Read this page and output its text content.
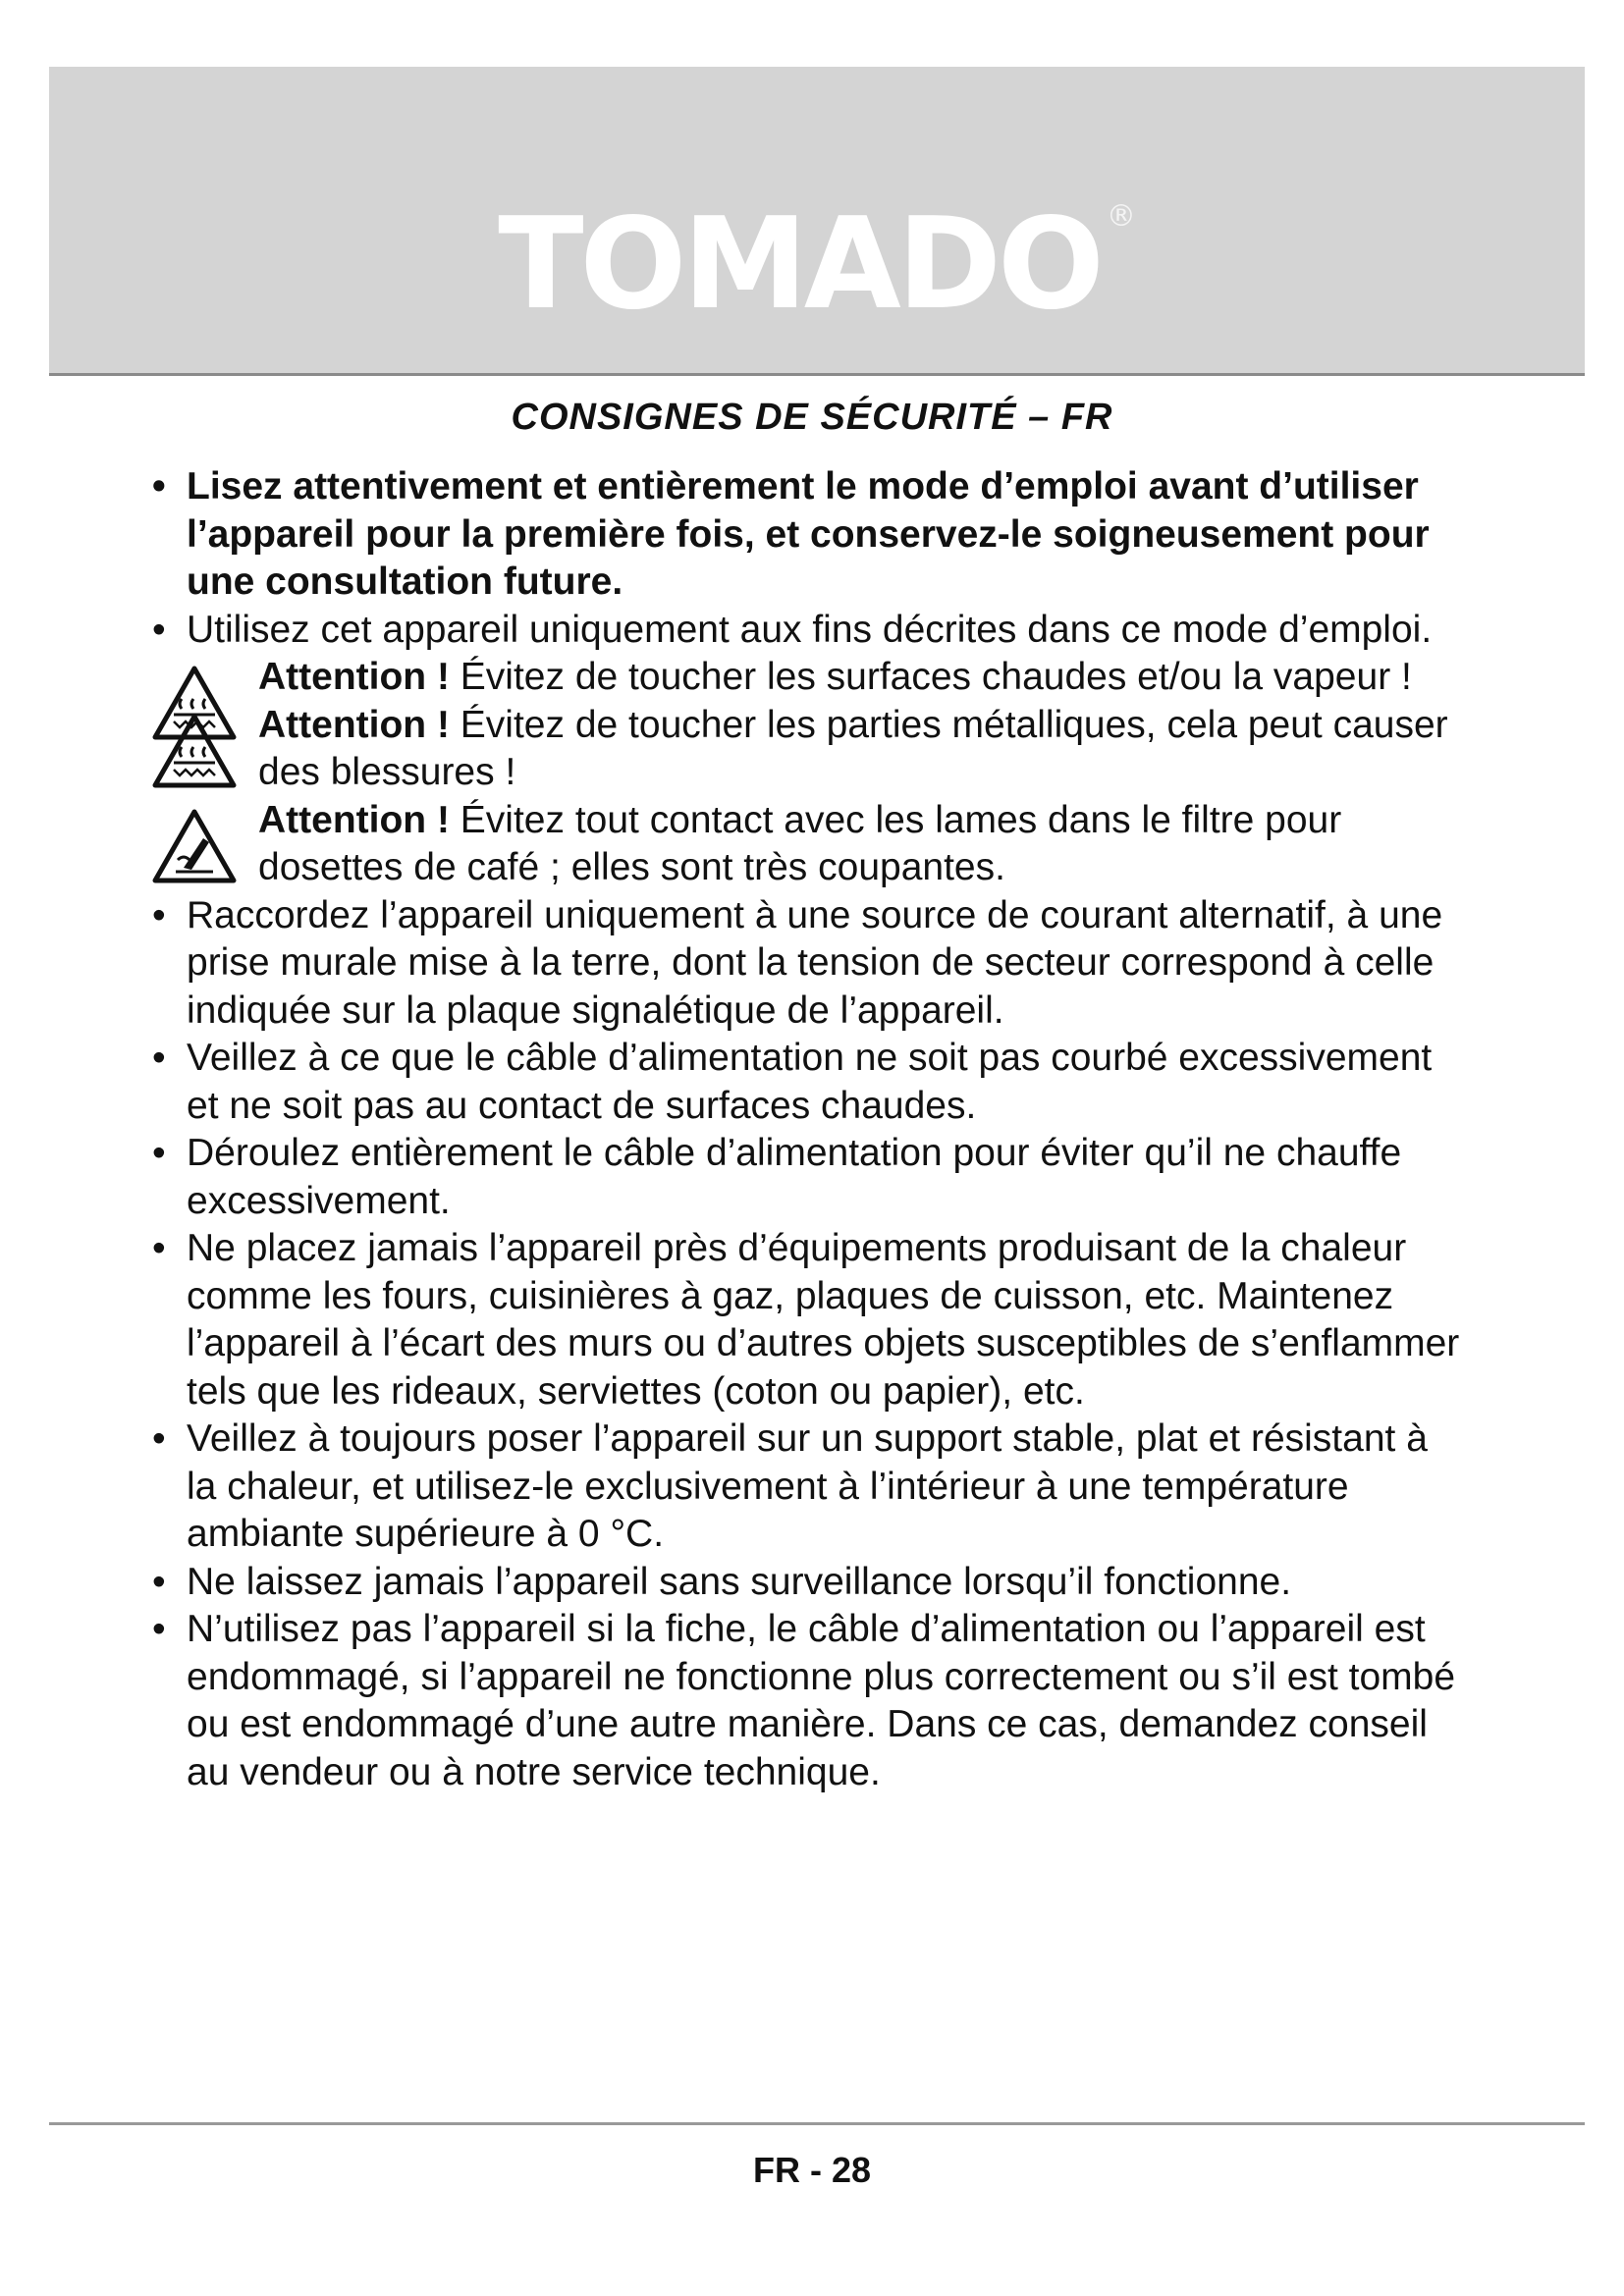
TOMADO ®
CONSIGNES DE SÉCURITÉ – FR

• Lisez attentivement et entièrement le mode d’emploi avant d’utiliser l’appareil pour la première fois, et conservez-le soigneusement pour une consultation future.

• Utilisez cet appareil uniquement aux fins décrites dans ce mode d’emploi.

Attention ! Évitez de toucher les surfaces chaudes et/ou la vapeur !
Attention ! Évitez de toucher les parties métalliques, cela peut causer des blessures !
Attention ! Évitez tout contact avec les lames dans le filtre pour dosettes de café ; elles sont très coupantes.

• Raccordez l’appareil uniquement à une source de courant alternatif, à une prise murale mise à la terre, dont la tension de secteur correspond à celle indiquée sur la plaque signalétique de l’appareil.

• Veillez à ce que le câble d’alimentation ne soit pas courbé excessivement et ne soit pas au contact de surfaces chaudes.

• Déroulez entièrement le câble d’alimentation pour éviter qu’il ne chauffe excessivement.

• Ne placez jamais l’appareil près d’équipements produisant de la chaleur comme les fours, cuisinières à gaz, plaques de cuisson, etc. Maintenez l’appareil à l’écart des murs ou d’autres objets susceptibles de s’enflammer tels que les rideaux, serviettes (coton ou papier), etc.

• Veillez à toujours poser l’appareil sur un support stable, plat et résistant à la chaleur, et utilisez-le exclusivement à l’intérieur à une température ambiante supérieure à 0 °C.

• Ne laissez jamais l’appareil sans surveillance lorsqu’il fonctionne.

• N’utilisez pas l’appareil si la fiche, le câble d’alimentation ou l’appareil est endommagé, si l’appareil ne fonctionne plus correctement ou s’il est tombé ou est endommagé d’une autre manière. Dans ce cas, demandez conseil au vendeur ou à notre service technique.

FR - 28
